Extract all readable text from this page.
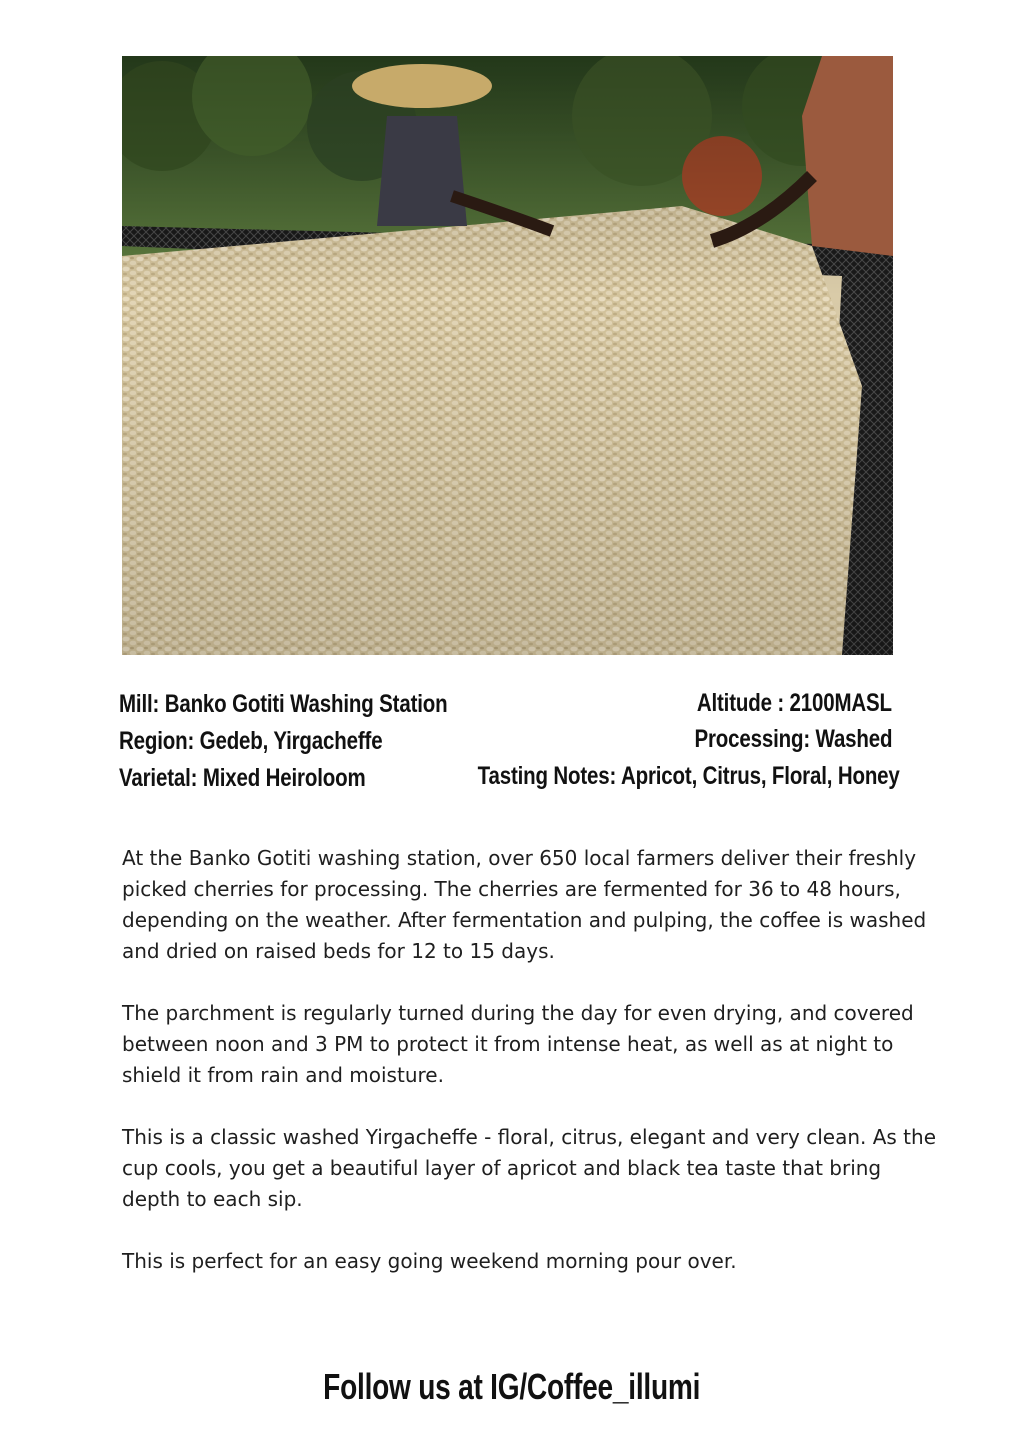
Mill: Banko Gotiti Washing Station
Region: Gedeb, Yirgacheffe
Varietal: Mixed Heiroloom
Altitude : 2100MASL
Processing: Washed
Tasting Notes: Apricot, Citrus, Floral, Honey

At the Banko Gotiti washing station, over 650 local farmers deliver their freshly picked cherries for processing. The cherries are fermented for 36 to 48 hours, depending on the weather. After fermentation and pulping, the coffee is washed and dried on raised beds for 12 to 15 days.

The parchment is regularly turned during the day for even drying, and covered between noon and 3 PM to protect it from intense heat, as well as at night to shield it from rain and moisture.

This is a classic washed Yirgacheffe - floral, citrus, elegant and very clean. As the cup cools, you get a beautiful layer of apricot and black tea taste that bring depth to each sip.

This is perfect for an easy going weekend morning pour over.

Follow us at IG/Coffee_illumi
